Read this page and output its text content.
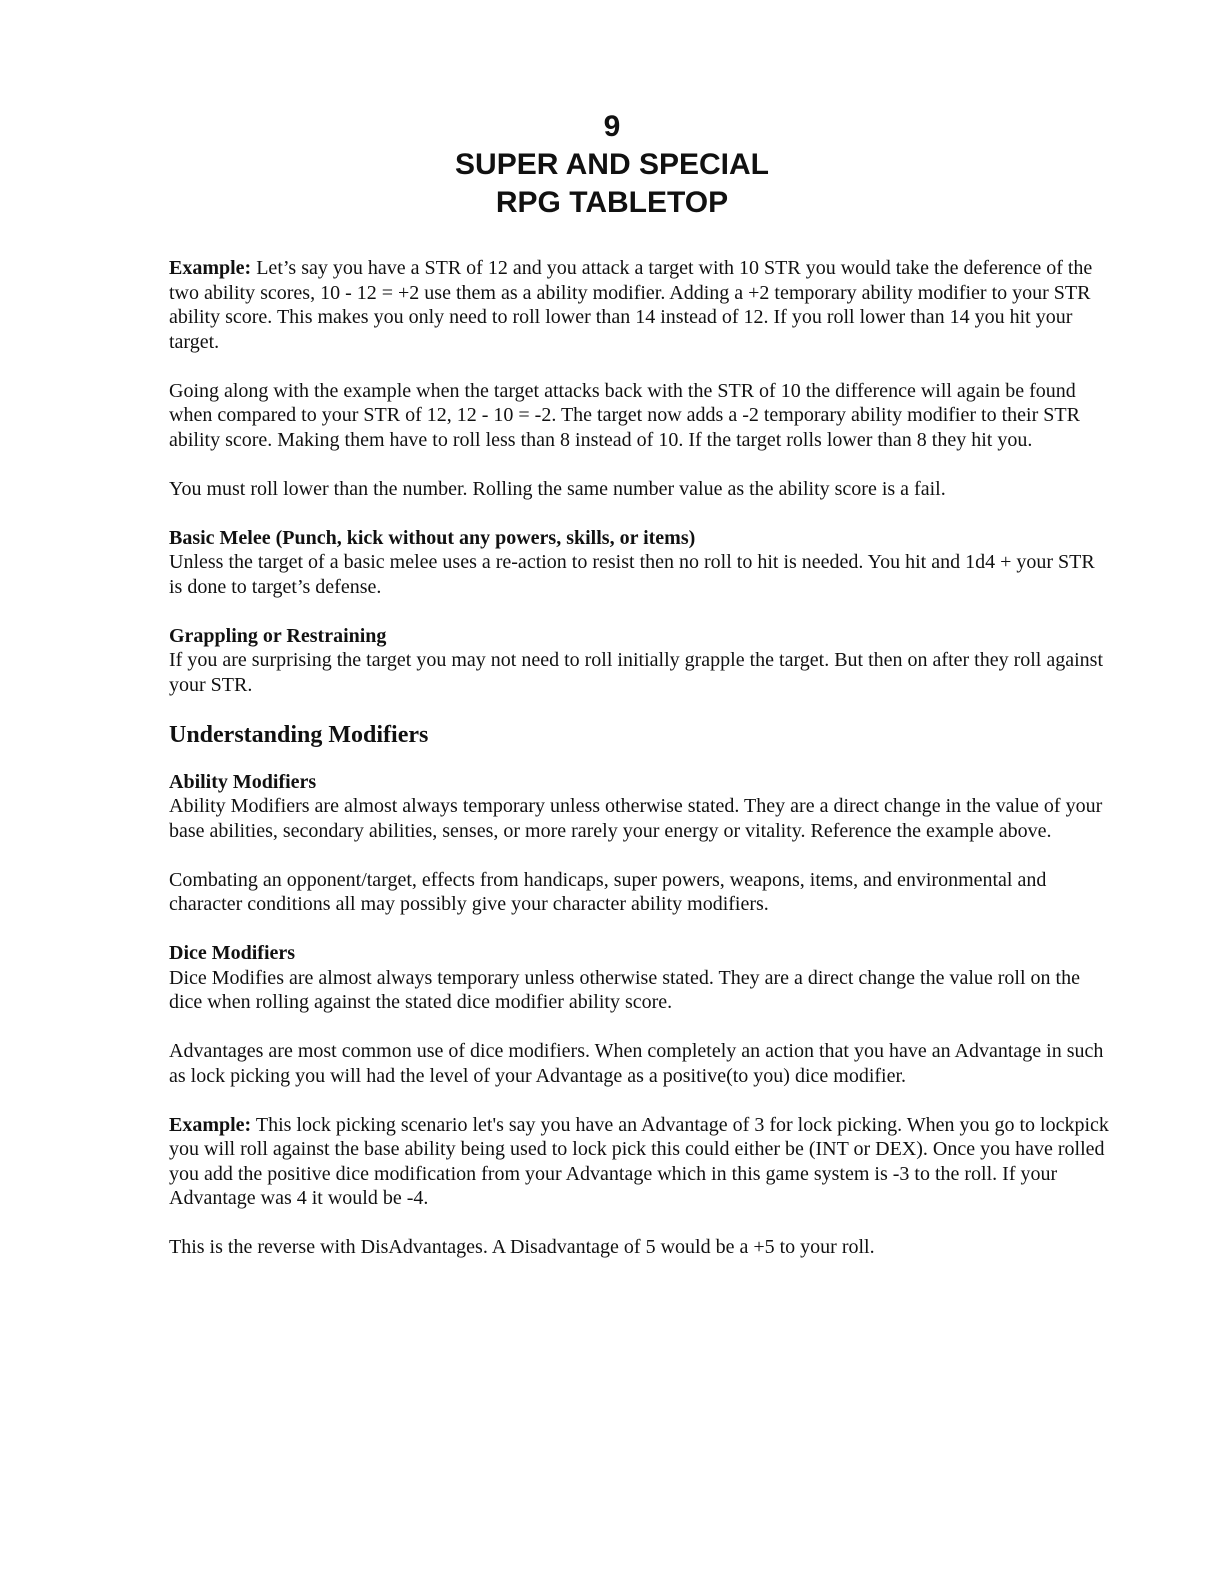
9
SUPER AND SPECIAL
RPG TABLETOP

Example: Let’s say you have a STR of 12 and you attack a target with 10 STR you would take the deference of the two ability scores, 10 - 12 = +2 use them as a ability modifier. Adding a +2 temporary ability modifier to your STR ability score. This makes you only need to roll lower than 14 instead of 12. If you roll lower than 14 you hit your target.

Going along with the example when the target attacks back with the STR of 10 the difference will again be found when compared to your STR of 12, 12 - 10 = -2. The target now adds a -2 temporary ability modifier to their STR ability score. Making them have to roll less than 8 instead of 10. If the target rolls lower than 8 they hit you.

You must roll lower than the number. Rolling the same number value as the ability score is a fail.

Basic Melee (Punch, kick without any powers, skills, or items)

Unless the target of a basic melee uses a re-action to resist then no roll to hit is needed. You hit and 1d4 + your STR is done to target’s defense.

Grappling or Restraining

If you are surprising the target you may not need to roll initially grapple the target. But then on after they roll against your STR.

Understanding Modifiers

Ability Modifiers

Ability Modifiers are almost always temporary unless otherwise stated. They are a direct change in the value of your base abilities, secondary abilities, senses, or more rarely your energy or vitality. Reference the example above.

Combating an opponent/target, effects from handicaps, super powers, weapons, items, and environmental and character conditions all may possibly give your character ability modifiers.

Dice Modifiers

Dice Modifies are almost always temporary unless otherwise stated. They are a direct change the value roll on the dice when rolling against the stated dice modifier ability score.

Advantages are most common use of dice modifiers. When completely an action that you have an Advantage in such as lock picking you will had the level of your Advantage as a positive(to you) dice modifier.

Example: This lock picking scenario let's say you have an Advantage of 3 for lock picking. When you go to lockpick you will roll against the base ability being used to lock pick this could either be (INT or DEX). Once you have rolled you add the positive dice modification from your Advantage which in this game system is -3 to the roll. If your Advantage was 4 it would be -4.

This is the reverse with DisAdvantages. A Disadvantage of 5 would be a +5 to your roll.
